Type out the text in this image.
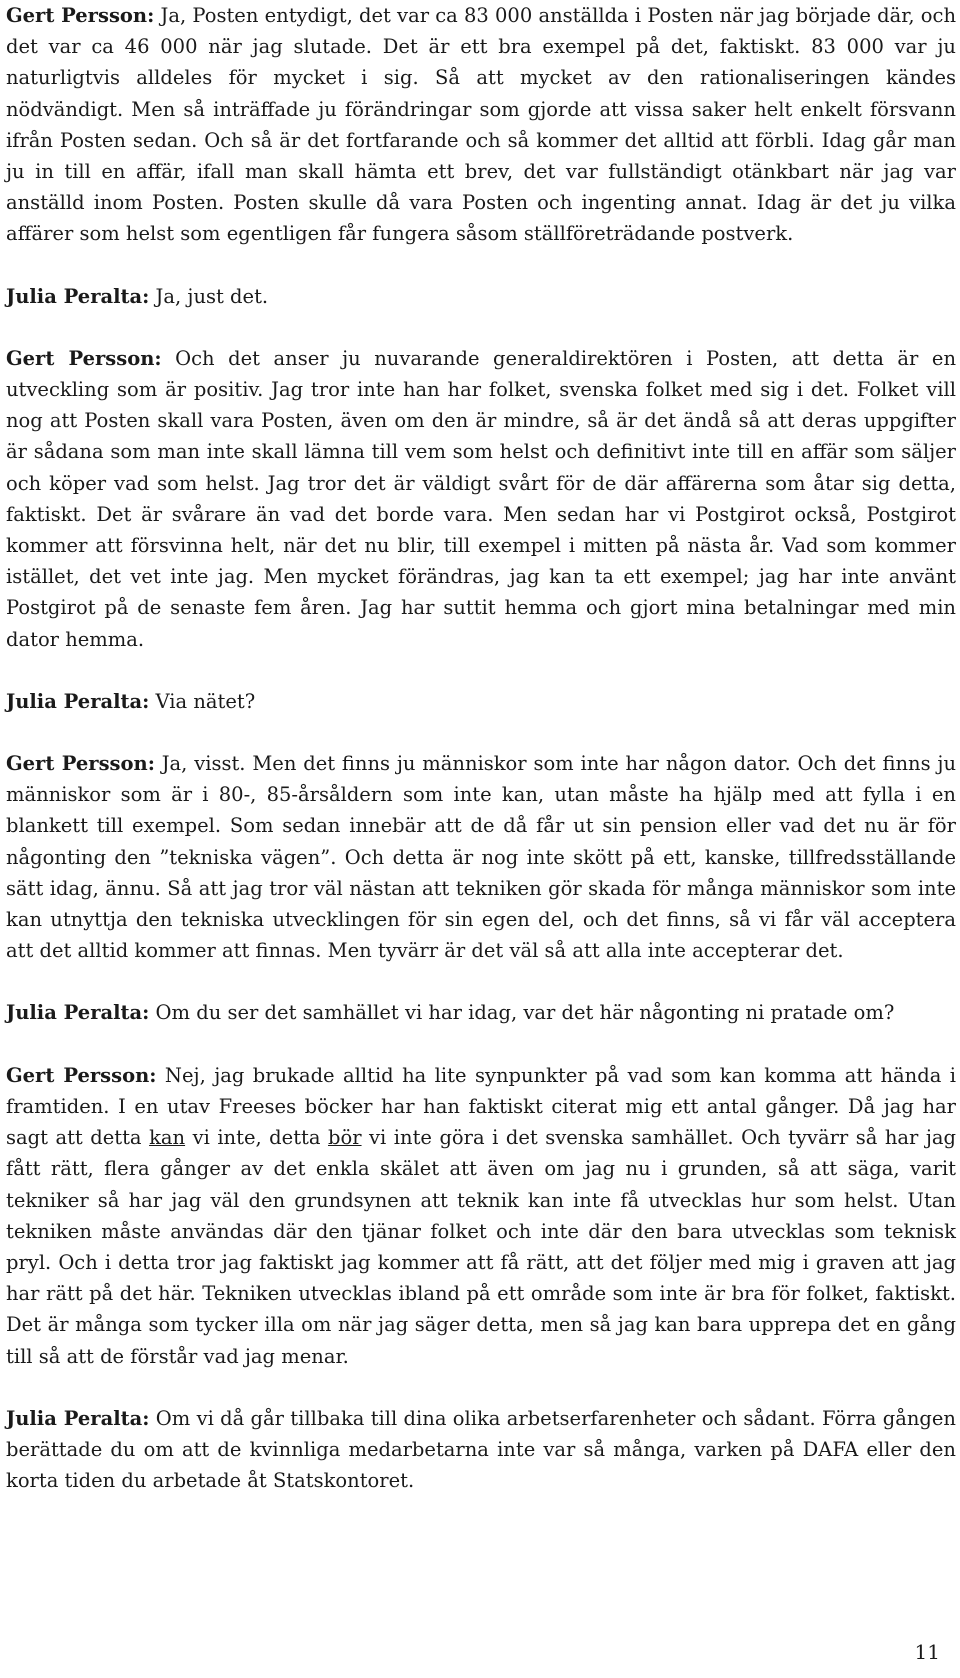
Gert Persson: Ja, Posten entydigt, det var ca 83 000 anställda i Posten när jag började där, och det var ca 46 000 när jag slutade. Det är ett bra exempel på det, faktiskt. 83 000 var ju naturligtvis alldeles för mycket i sig. Så att mycket av den rationaliseringen kändes nödvändigt. Men så inträffade ju förändringar som gjorde att vissa saker helt enkelt försvann ifrån Posten sedan. Och så är det fortfarande och så kommer det alltid att förbli. Idag går man ju in till en affär, ifall man skall hämta ett brev, det var fullständigt otänkbart när jag var anställd inom Posten. Posten skulle då vara Posten och ingenting annat. Idag är det ju vilka affärer som helst som egentligen får fungera såsom ställföreträdande postverk.

Julia Peralta: Ja, just det.

Gert Persson: Och det anser ju nuvarande generaldirektören i Posten, att detta är en utveckling som är positiv. Jag tror inte han har folket, svenska folket med sig i det. Folket vill nog att Posten skall vara Posten, även om den är mindre, så är det ändå så att deras uppgifter är sådana som man inte skall lämna till vem som helst och definitivt inte till en affär som säljer och köper vad som helst. Jag tror det är väldigt svårt för de där affärerna som åtar sig detta, faktiskt. Det är svårare än vad det borde vara. Men sedan har vi Postgirot också, Postgirot kommer att försvinna helt, när det nu blir, till exempel i mitten på nästa år. Vad som kommer istället, det vet inte jag. Men mycket förändras, jag kan ta ett exempel; jag har inte använt Postgirot på de senaste fem åren. Jag har suttit hemma och gjort mina betalningar med min dator hemma.

Julia Peralta: Via nätet?

Gert Persson: Ja, visst. Men det finns ju människor som inte har någon dator. Och det finns ju människor som är i 80-, 85-årsåldern som inte kan, utan måste ha hjälp med att fylla i en blankett till exempel. Som sedan innebär att de då får ut sin pension eller vad det nu är för någonting den ”tekniska vägen”. Och detta är nog inte skött på ett, kanske, tillfredsställande sätt idag, ännu. Så att jag tror väl nästan att tekniken gör skada för många människor som inte kan utnyttja den tekniska utvecklingen för sin egen del, och det finns, så vi får väl acceptera att det alltid kommer att finnas. Men tyvärr är det väl så att alla inte accepterar det.

Julia Peralta: Om du ser det samhället vi har idag, var det här någonting ni pratade om?

Gert Persson: Nej, jag brukade alltid ha lite synpunkter på vad som kan komma att hända i framtiden. I en utav Freeses böcker har han faktiskt citerat mig ett antal gånger. Då jag har sagt att detta kan vi inte, detta bör vi inte göra i det svenska samhället. Och tyvärr så har jag fått rätt, flera gånger av det enkla skälet att även om jag nu i grunden, så att säga, varit tekniker så har jag väl den grundsynen att teknik kan inte få utvecklas hur som helst. Utan tekniken måste användas där den tjänar folket och inte där den bara utvecklas som teknisk pryl. Och i detta tror jag faktiskt jag kommer att få rätt, att det följer med mig i graven att jag har rätt på det här. Tekniken utvecklas ibland på ett område som inte är bra för folket, faktiskt. Det är många som tycker illa om när jag säger detta, men så jag kan bara upprepa det en gång till så att de förstår vad jag menar.

Julia Peralta: Om vi då går tillbaka till dina olika arbetserfarenheter och sådant. Förra gången berättade du om att de kvinnliga medarbetarna inte var så många, varken på DAFA eller den korta tiden du arbetade åt Statskontoret.

11
